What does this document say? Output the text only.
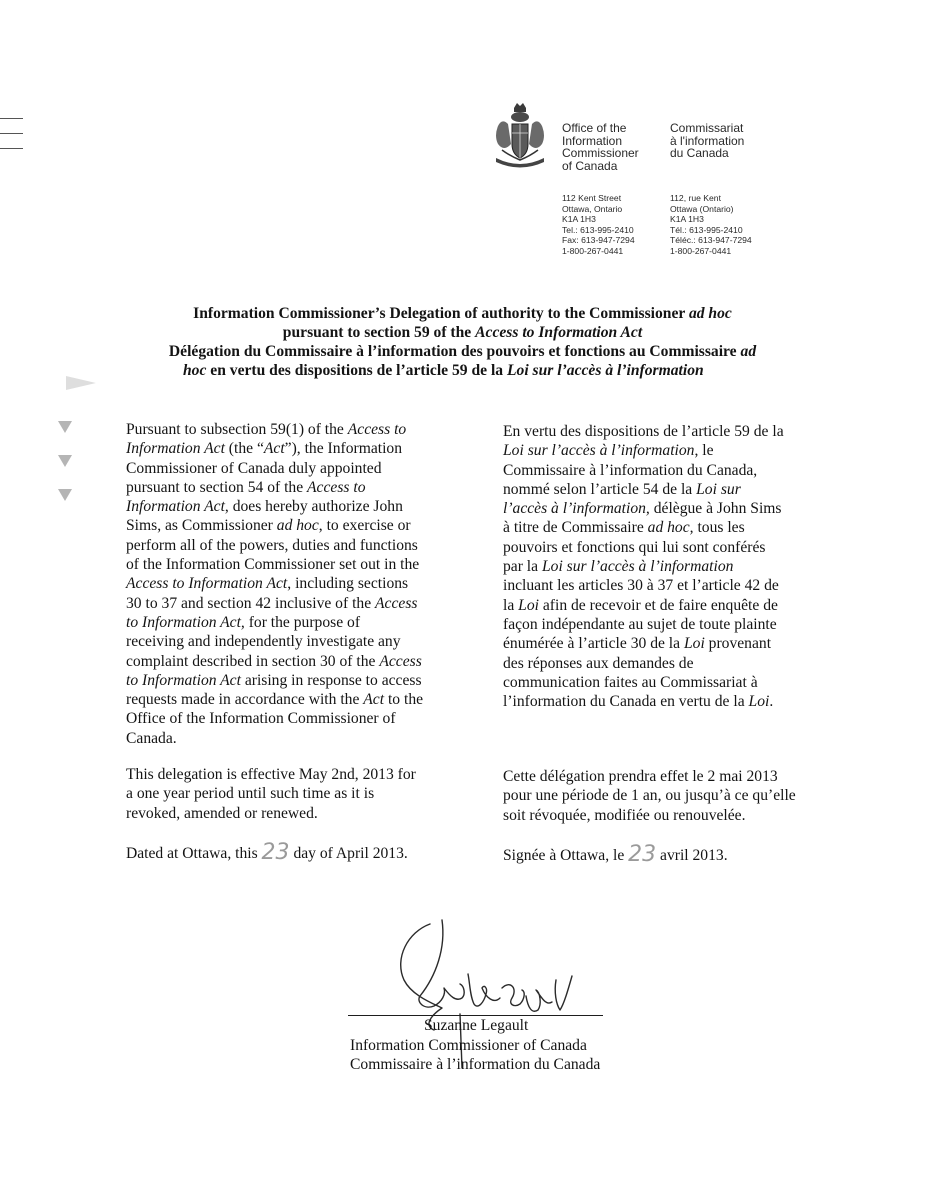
Office of the
Information
Commissioner
of Canada
Commissariat
à l'information
du Canada
112 Kent Street
Ottawa, Ontario
K1A 1H3
Tel.: 613-995-2410
Fax: 613-947-7294
1-800-267-0441
112, rue Kent
Ottawa (Ontario)
K1A 1H3
Tél.: 613-995-2410
Téléc.: 613-947-7294
1-800-267-0441
Information Commissioner’s Delegation of authority to the Commissioner ad hoc
pursuant to section 59 of the Access to Information Act
Délégation du Commissaire à l’information des pouvoirs et fonctions au Commissaire ad
hoc en vertu des dispositions de l’article 59 de la Loi sur l’accès à l’information

Pursuant to subsection 59(1) of the Access to
Information Act (the “Act”), the Information
Commissioner of Canada duly appointed
pursuant to section 54 of the Access to
Information Act, does hereby authorize John
Sims, as Commissioner ad hoc, to exercise or
perform all of the powers, duties and functions
of the Information Commissioner set out in the
Access to Information Act, including sections
30 to 37 and section 42 inclusive of the Access
to Information Act, for the purpose of
receiving and independently investigate any
complaint described in section 30 of the Access
to Information Act arising in response to access
requests made in accordance with the Act to the
Office of the Information Commissioner of
Canada.

This delegation is effective May 2nd, 2013 for
a one year period until such time as it is
revoked, amended or renewed.

Dated at Ottawa, this 23 day of April 2013.

En vertu des dispositions de l’article 59 de la
Loi sur l’accès à l’information, le
Commissaire à l’information du Canada,
nommé selon l’article 54 de la Loi sur
l’accès à l’information, délègue à John Sims
à titre de Commissaire ad hoc, tous les
pouvoirs et fonctions qui lui sont conférés
par la Loi sur l’accès à l’information
incluant les articles 30 à 37 et l’article 42 de
la Loi afin de recevoir et de faire enquête de
façon indépendante au sujet de toute plainte
énumérée à l’article 30 de la Loi provenant
des réponses aux demandes de
communication faites au Commissariat à
l’information du Canada en vertu de la Loi.

Cette délégation prendra effet le 2 mai 2013
pour une période de 1 an, ou jusqu’à ce qu’elle
soit révoquée, modifiée ou renouvelée.

Signée à Ottawa, le 23 avril 2013.
Suzanne Legault
Information Commissioner of Canada
Commissaire à l’information du Canada
